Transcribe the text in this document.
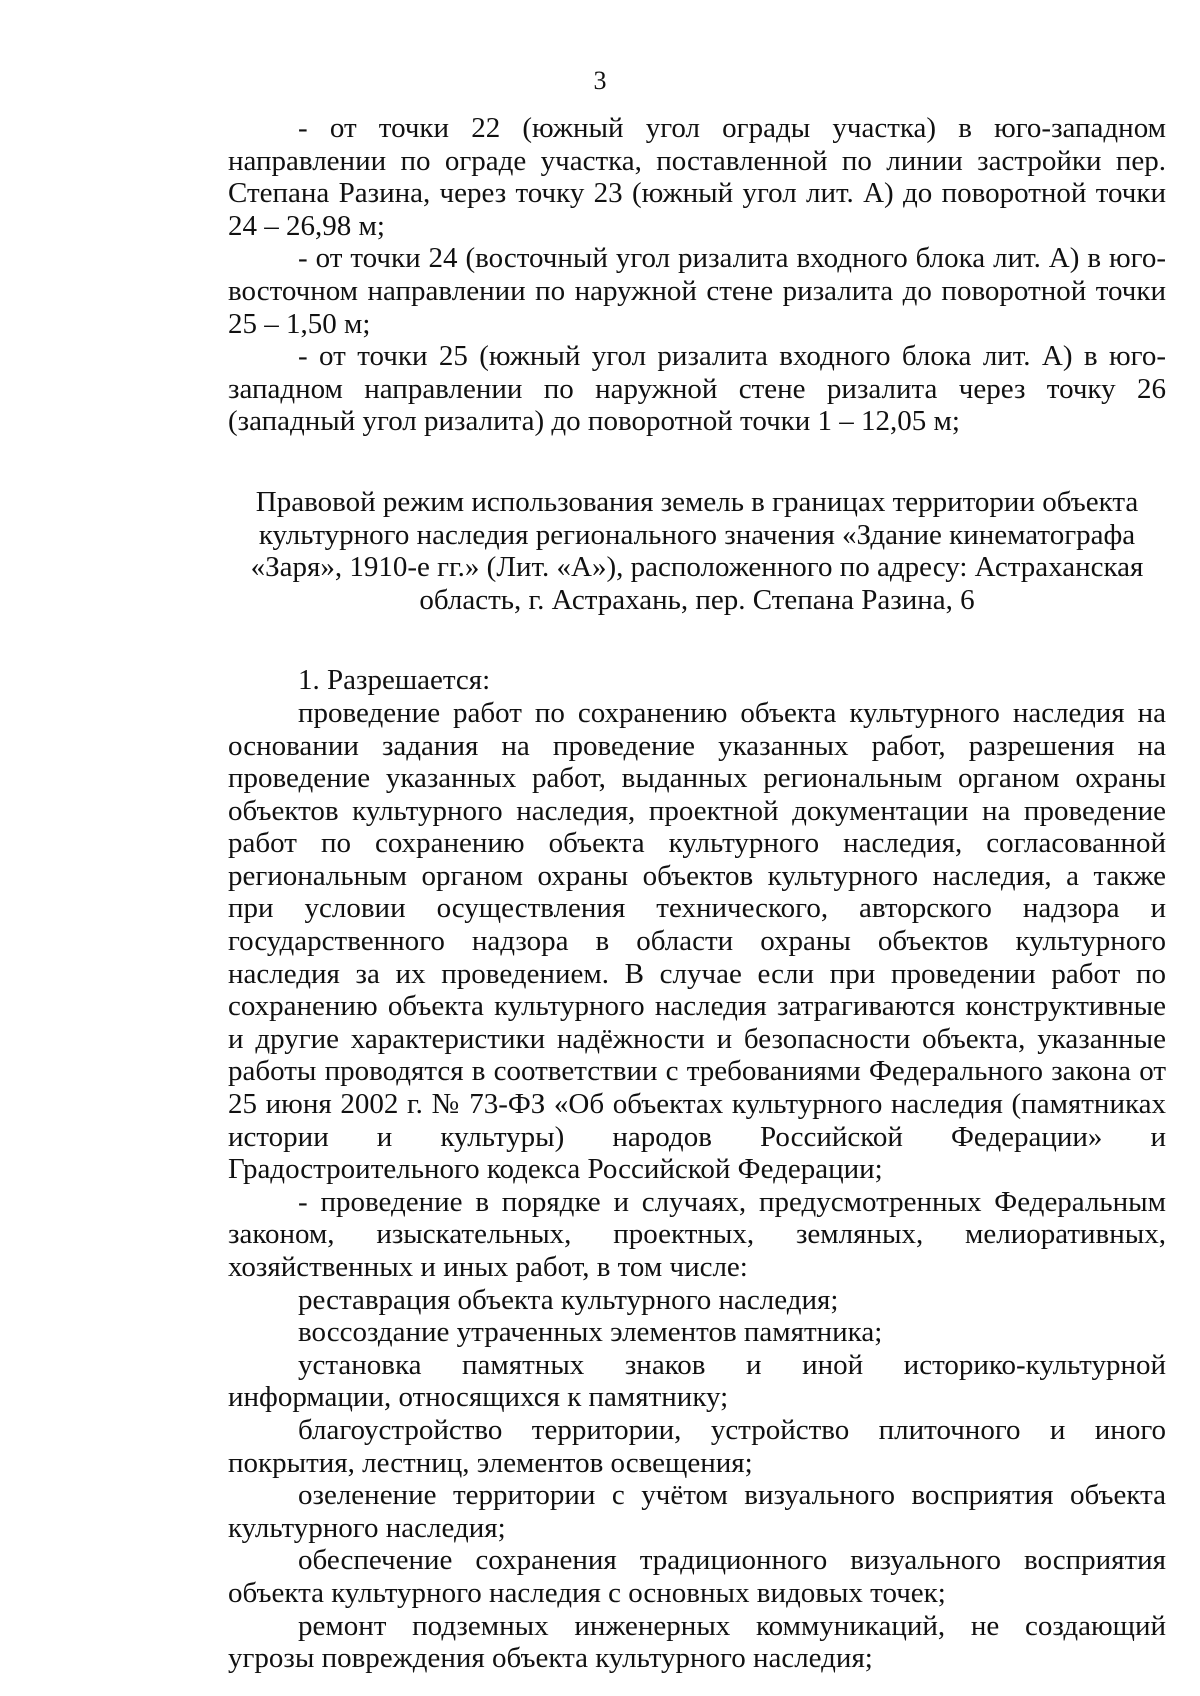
3

- от точки 22 (южный угол ограды участка) в юго-западном направлении по ограде участка, поставленной по линии застройки пер. Степана Разина, через точку 23 (южный угол лит. А) до поворотной точки 24 – 26,98 м;

- от точки 24 (восточный угол ризалита входного блока лит. А) в юго-восточном направлении по наружной стене ризалита до поворотной точки 25 – 1,50 м;

- от точки 25 (южный угол ризалита входного блока лит. А) в юго-западном направлении по наружной стене ризалита через точку 26 (западный угол ризалита) до поворотной точки 1 – 12,05 м;

Правовой режим использования земель в границах территории объекта культурного наследия регионального значения «Здание кинематографа «Заря», 1910-е гг.» (Лит. «А»), расположенного по адресу: Астраханская область, г. Астрахань, пер. Степана Разина, 6

1. Разрешается:

проведение работ по сохранению объекта культурного наследия на основании задания на проведение указанных работ, разрешения на проведение указанных работ, выданных региональным органом охраны объектов культурного наследия, проектной документации на проведение работ по сохранению объекта культурного наследия, согласованной региональным органом охраны объектов культурного наследия, а также при условии осуществления технического, авторского надзора и государственного надзора в области охраны объектов культурного наследия за их проведением. В случае если при проведении работ по сохранению объекта культурного наследия затрагиваются конструктивные и другие характеристики надёжности и безопасности объекта, указанные работы проводятся в соответствии с требованиями Федерального закона от 25 июня 2002 г. № 73-ФЗ «Об объектах культурного наследия (памятниках истории и культуры) народов Российской Федерации» и Градостроительного кодекса Российской Федерации;

- проведение в порядке и случаях, предусмотренных Федеральным законом, изыскательных, проектных, земляных, мелиоративных, хозяйственных и иных работ, в том числе:

реставрация объекта культурного наследия;

воссоздание утраченных элементов памятника;

установка памятных знаков и иной историко-культурной информации, относящихся к памятнику;

благоустройство территории, устройство плиточного и иного покрытия, лестниц, элементов освещения;

озеленение территории с учётом визуального восприятия объекта культурного наследия;

обеспечение сохранения традиционного визуального восприятия объекта культурного наследия с основных видовых точек;

ремонт подземных инженерных коммуникаций, не создающий угрозы повреждения объекта культурного наследия;
